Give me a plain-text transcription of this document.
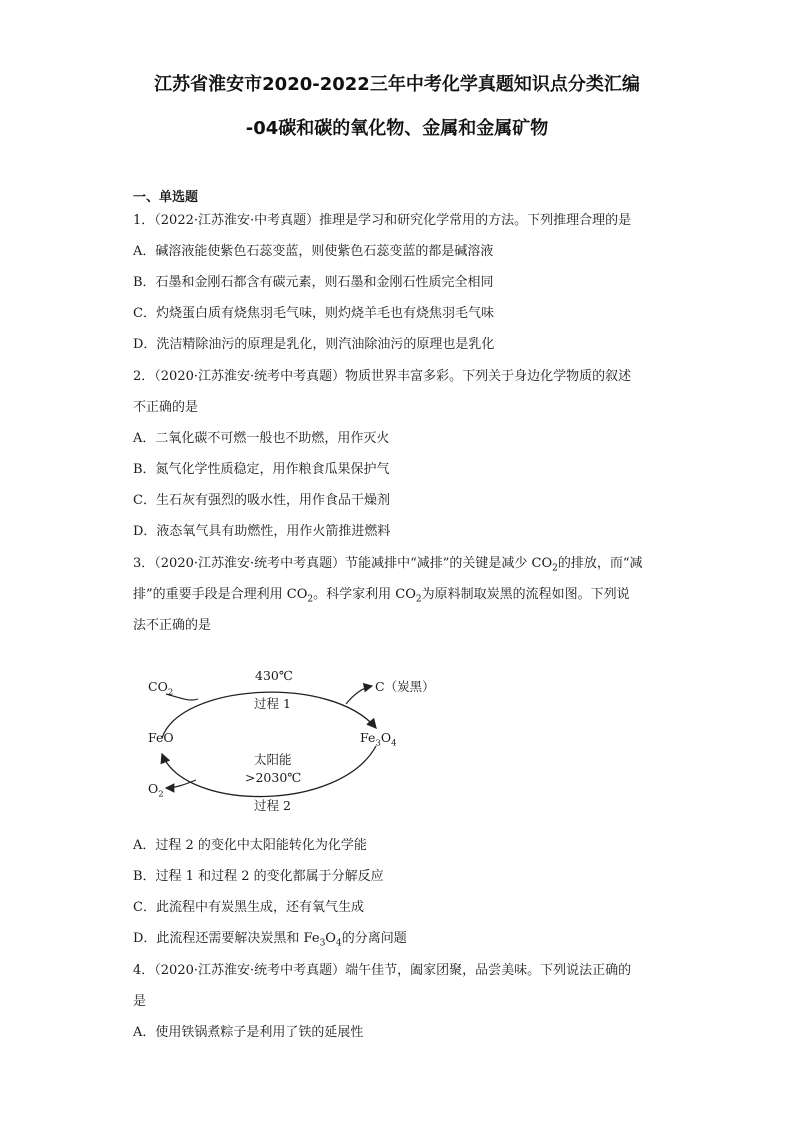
江苏省淮安市2020-2022三年中考化学真题知识点分类汇编
-04碳和碳的氧化物、金属和金属矿物
一、单选题
1．（2022·江苏淮安·中考真题）推理是学习和研究化学常用的方法。下列推理合理的是
A．碱溶液能使紫色石蕊变蓝，则使紫色石蕊变蓝的都是碱溶液
B．石墨和金刚石都含有碳元素，则石墨和金刚石性质完全相同
C．灼烧蛋白质有烧焦羽毛气味，则灼烧羊毛也有烧焦羽毛气味
D．洗洁精除油污的原理是乳化，则汽油除油污的原理也是乳化
2．（2020·江苏淮安·统考中考真题）物质世界丰富多彩。下列关于身边化学物质的叙述
不正确的是
A．二氧化碳不可燃一般也不助燃，用作灭火
B．氮气化学性质稳定，用作粮食瓜果保护气
C．生石灰有强烈的吸水性，用作食品干燥剂
D．液态氧气具有助燃性，用作火箭推进燃料
3．（2020·江苏淮安·统考中考真题）节能减排中“减排”的关键是减少 $CO_2$的排放，而“减
排”的重要手段是合理利用 $CO_2$。科学家利用 $CO_2$为原料制取炭黑的流程如图。下列说
法不正确的是
430℃
$CO_2$	C（炭黑）
过程 1
FeO	$Fe_3O_4$
太阳能
>2030℃
$O_2$
过程 2
A．过程 2 的变化中太阳能转化为化学能
B．过程 1 和过程 2 的变化都属于分解反应
C．此流程中有炭黑生成，还有氧气生成
D．此流程还需要解决炭黑和 $Fe_3O_4$的分离问题
4．（2020·江苏淮安·统考中考真题）端午佳节，阖家团聚，品尝美味。下列说法正确的
是
A．使用铁锅煮粽子是利用了铁的延展性
